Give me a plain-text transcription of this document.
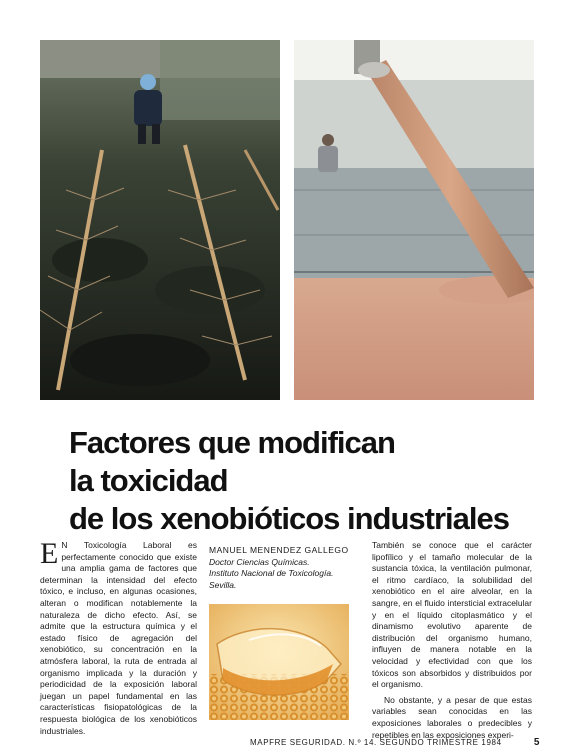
Factores que modifican
la toxicidad
de los xenobióticos industriales

E N Toxicología Laboral es perfectamente conocido que existe una amplia gama de factores que determinan la intensidad del efecto tóxico, e incluso, en algunas ocasiones, alteran o modifican notablemente la naturaleza de dicho efecto. Así, se admite que la estructura química y el estado físico de agregación del xenobiótico, su concentración en la atmósfera laboral, la ruta de entrada al organismo implicada y la duración y periodicidad de la exposición laboral juegan un papel fundamental en las características fisiopatológicas de la respuesta biológica de los xenobióticos industriales.

MANUEL MENENDEZ GALLEGO
Doctor Ciencias Químicas.
Instituto Nacional de Toxicología.
Sevilla.

También se conoce que el carácter lipofílico y el tamaño molecular de la sustancia tóxica, la ventilación pulmonar, el ritmo cardíaco, la solubilidad del xenobiótico en el aire alveolar, en la sangre, en el fluido intersticial extracelular y en el líquido citoplasmático y el dinamismo evolutivo aparente de distribución del organismo humano, influyen de manera notable en la velocidad y efectividad con que los tóxicos son absorbidos y distribuidos por el organismo.

No obstante, y a pesar de que estas variables sean conocidas en las exposiciones laborales o predecibles y repetibles en las exposiciones experi-

MAPFRE SEGURIDAD. N.º 14. SEGUNDO TRIMESTRE 1984	5
